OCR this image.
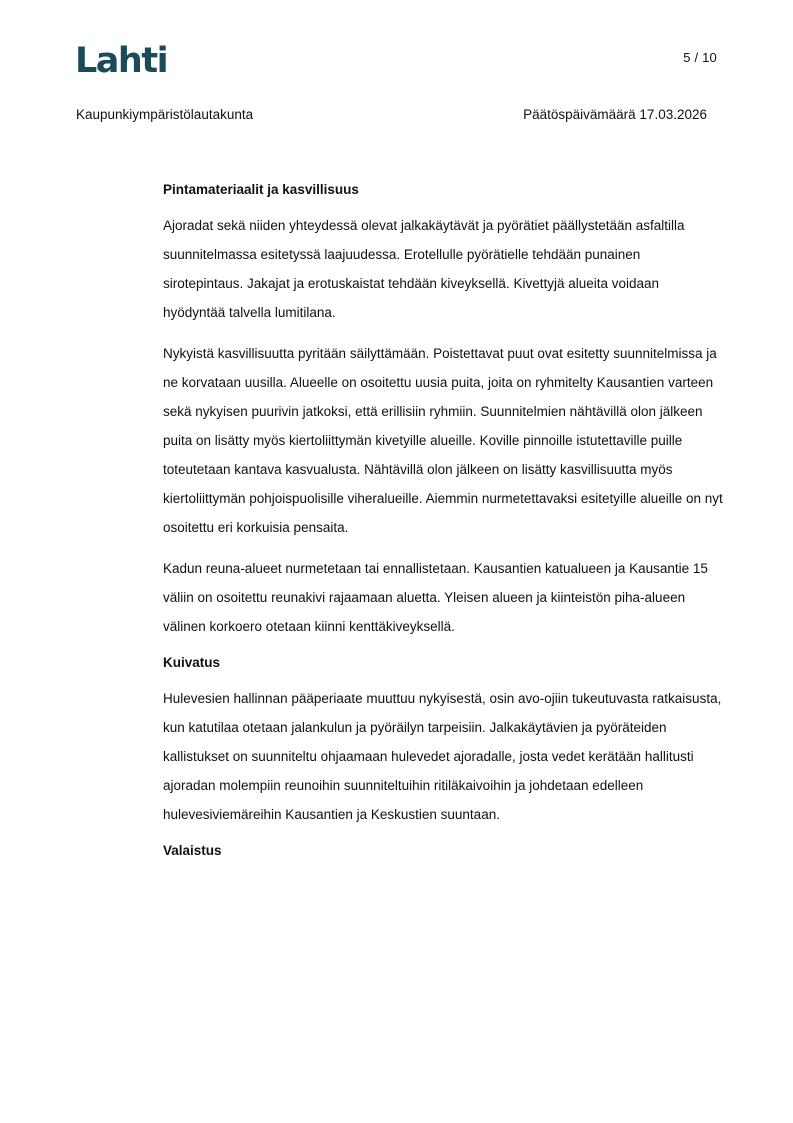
Lahti	5 / 10
Kaupunkiympäristölautakunta	Päätöspäivämäärä 17.03.2026
Pintamateriaalit ja kasvillisuus

Ajoradat sekä niiden yhteydessä olevat jalkakäytävät ja pyörätiet päällystetään asfaltilla suunnitelmassa esitetyssä laajuudessa. Erotellulle pyörätielle tehdään punainen sirotepintaus. Jakajat ja erotuskaistat tehdään kiveyksellä. Kivettyjä alueita voidaan hyödyntää talvella lumitilana.

Nykyistä kasvillisuutta pyritään säilyttämään. Poistettavat puut ovat esitetty suunnitelmissa ja ne korvataan uusilla. Alueelle on osoitettu uusia puita, joita on ryhmitelty Kausantien varteen sekä nykyisen puurivin jatkoksi, että erillisiin ryhmiin. Suunnitelmien nähtävillä olon jälkeen puita on lisätty myös kiertoliittymän kivetyille alueille. Koville pinnoille istutettaville puille toteutetaan kantava kasvualusta. Nähtävillä olon jälkeen on lisätty kasvillisuutta myös kiertoliittymän pohjoispuolisille viheralueille. Aiemmin nurmetettavaksi esitetyille alueille on nyt osoitettu eri korkuisia pensaita.

Kadun reuna-alueet nurmetetaan tai ennallistetaan. Kausantien katualueen ja Kausantie 15 väliin on osoitettu reunakivi rajaamaan aluetta. Yleisen alueen ja kiinteistön piha-alueen välinen korkoero otetaan kiinni kenttäkiveyksellä.

Kuivatus

Hulevesien hallinnan pääperiaate muuttuu nykyisestä, osin avo-ojiin tukeutuvasta ratkaisusta, kun katutilaa otetaan jalankulun ja pyöräilyn tarpeisiin. Jalkakäytävien ja pyöräteiden kallistukset on suunniteltu ohjaamaan hulevedet ajoradalle, josta vedet kerätään hallitusti ajoradan molempiin reunoihin suunniteltuihin ritiläkaivoihin ja johdetaan edelleen hulevesiviemäreihin Kausantien ja Keskustien suuntaan.

Valaistus
